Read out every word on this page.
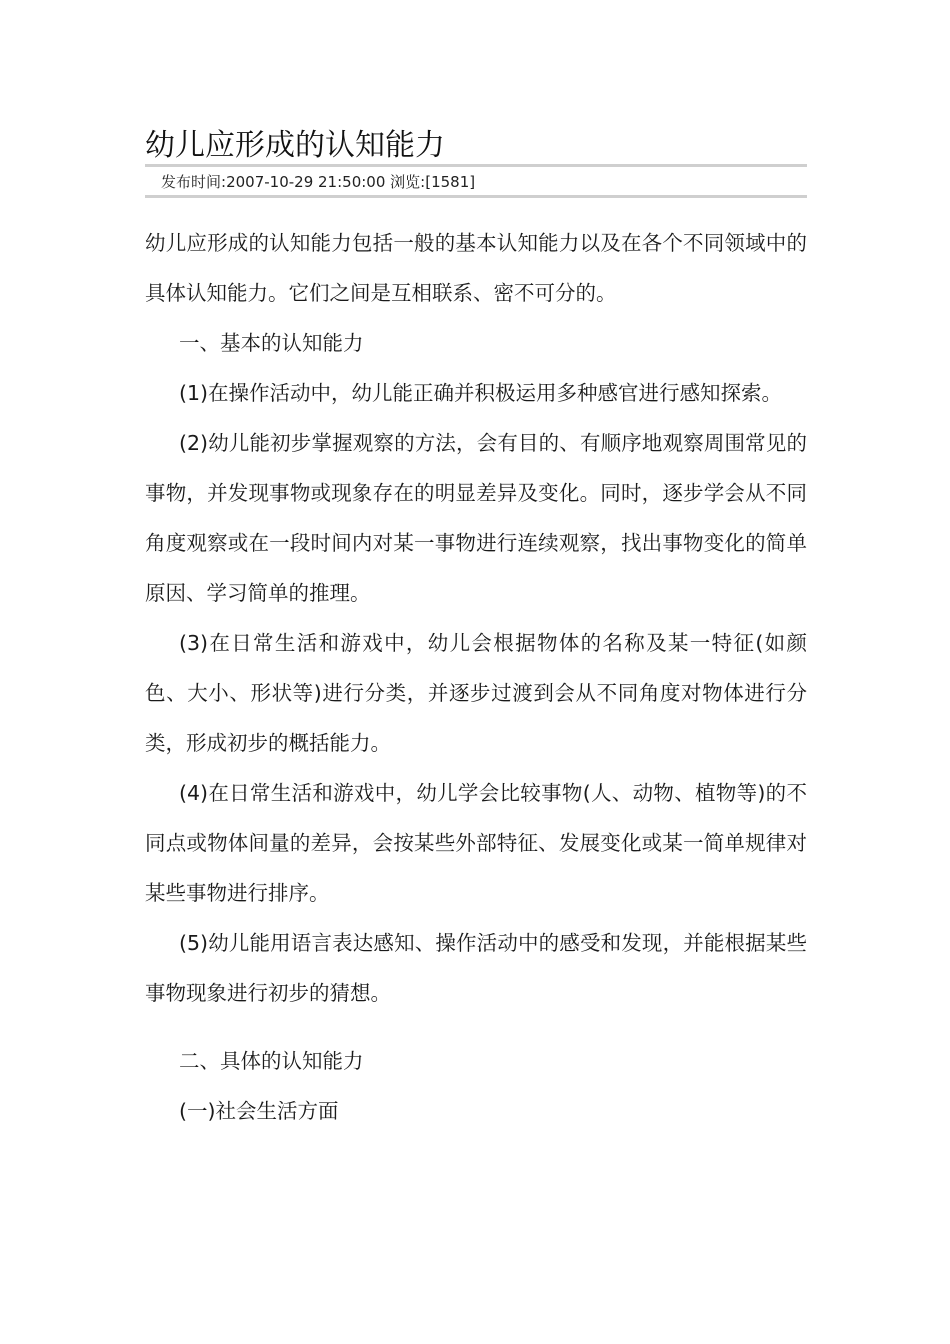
幼儿应形成的认知能力
发布时间:2007-10-29 21:50:00 浏览:[1581]

幼儿应形成的认知能力包括一般的基本认知能力以及在各个不同领域中的具体认知能力。它们之间是互相联系、密不可分的。

一、基本的认知能力

(1)在操作活动中，幼儿能正确并积极运用多种感官进行感知探索。

(2)幼儿能初步掌握观察的方法，会有目的、有顺序地观察周围常见的事物，并发现事物或现象存在的明显差异及变化。同时，逐步学会从不同角度观察或在一段时间内对某一事物进行连续观察，找出事物变化的简单原因、学习简单的推理。

(3)在日常生活和游戏中，幼儿会根据物体的名称及某一特征(如颜色、大小、形状等)进行分类，并逐步过渡到会从不同角度对物体进行分类，形成初步的概括能力。

(4)在日常生活和游戏中，幼儿学会比较事物(人、动物、植物等)的不同点或物体间量的差异，会按某些外部特征、发展变化或某一简单规律对某些事物进行排序。

(5)幼儿能用语言表达感知、操作活动中的感受和发现，并能根据某些事物现象进行初步的猜想。

二、具体的认知能力

(一)社会生活方面
